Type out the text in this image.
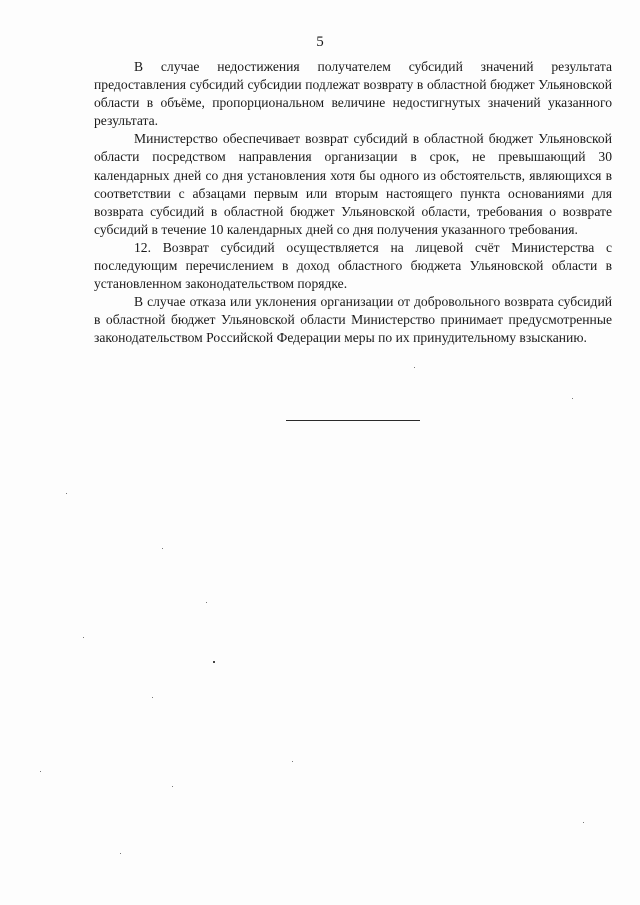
5

В случае недостижения получателем субсидий значений результата предоставления субсидий субсидии подлежат возврату в областной бюджет Ульяновской области в объёме, пропорциональном величине недостигнутых значений указанного результата.

Министерство обеспечивает возврат субсидий в областной бюджет Ульяновской области посредством направления организации в срок, не превышающий 30 календарных дней со дня установления хотя бы одного из обстоятельств, являющихся в соответствии с абзацами первым или вторым настоящего пункта основаниями для возврата субсидий в областной бюджет Ульяновской области, требования о возврате субсидий в течение 10 календарных дней со дня получения указанного требования.

12. Возврат субсидий осуществляется на лицевой счёт Министерства с последующим перечислением в доход областного бюджета Ульяновской области в установленном законодательством порядке.

В случае отказа или уклонения организации от добровольного возврата субсидий в областной бюджет Ульяновской области Министерство принимает предусмотренные законодательством Российской Федерации меры по их принудительному взысканию.
